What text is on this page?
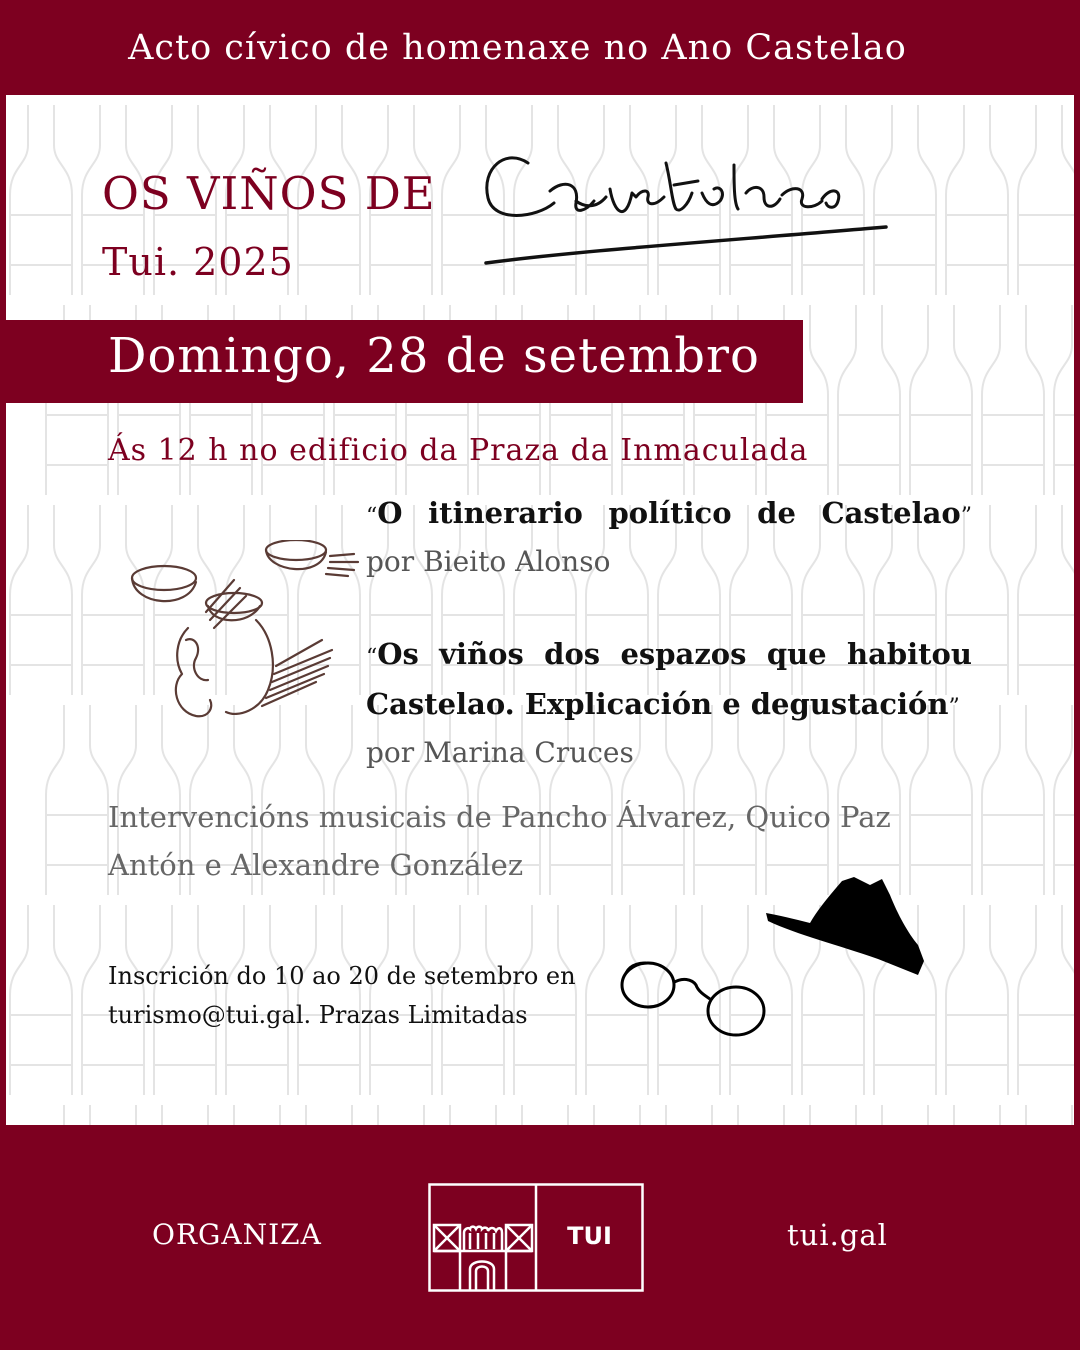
Acto cívico de homenaxe no Ano Castelao
OS VIÑOS DE
Tui. 2025
Domingo, 28 de setembro
Ás 12 h no edificio da Praza da Inmaculada
“O itinerario político de Castelao”
por Bieito Alonso
“Os viños dos espazos que habitou Castelao. Explicación e degustación”
por Marina Cruces
Intervencións musicais de Pancho Álvarez, Quico Paz Antón e Alexandre González
Inscrición do 10 ao 20 de setembro en
turismo@tui.gal. Prazas Limitadas
ORGANIZA	TUI	tui.gal
